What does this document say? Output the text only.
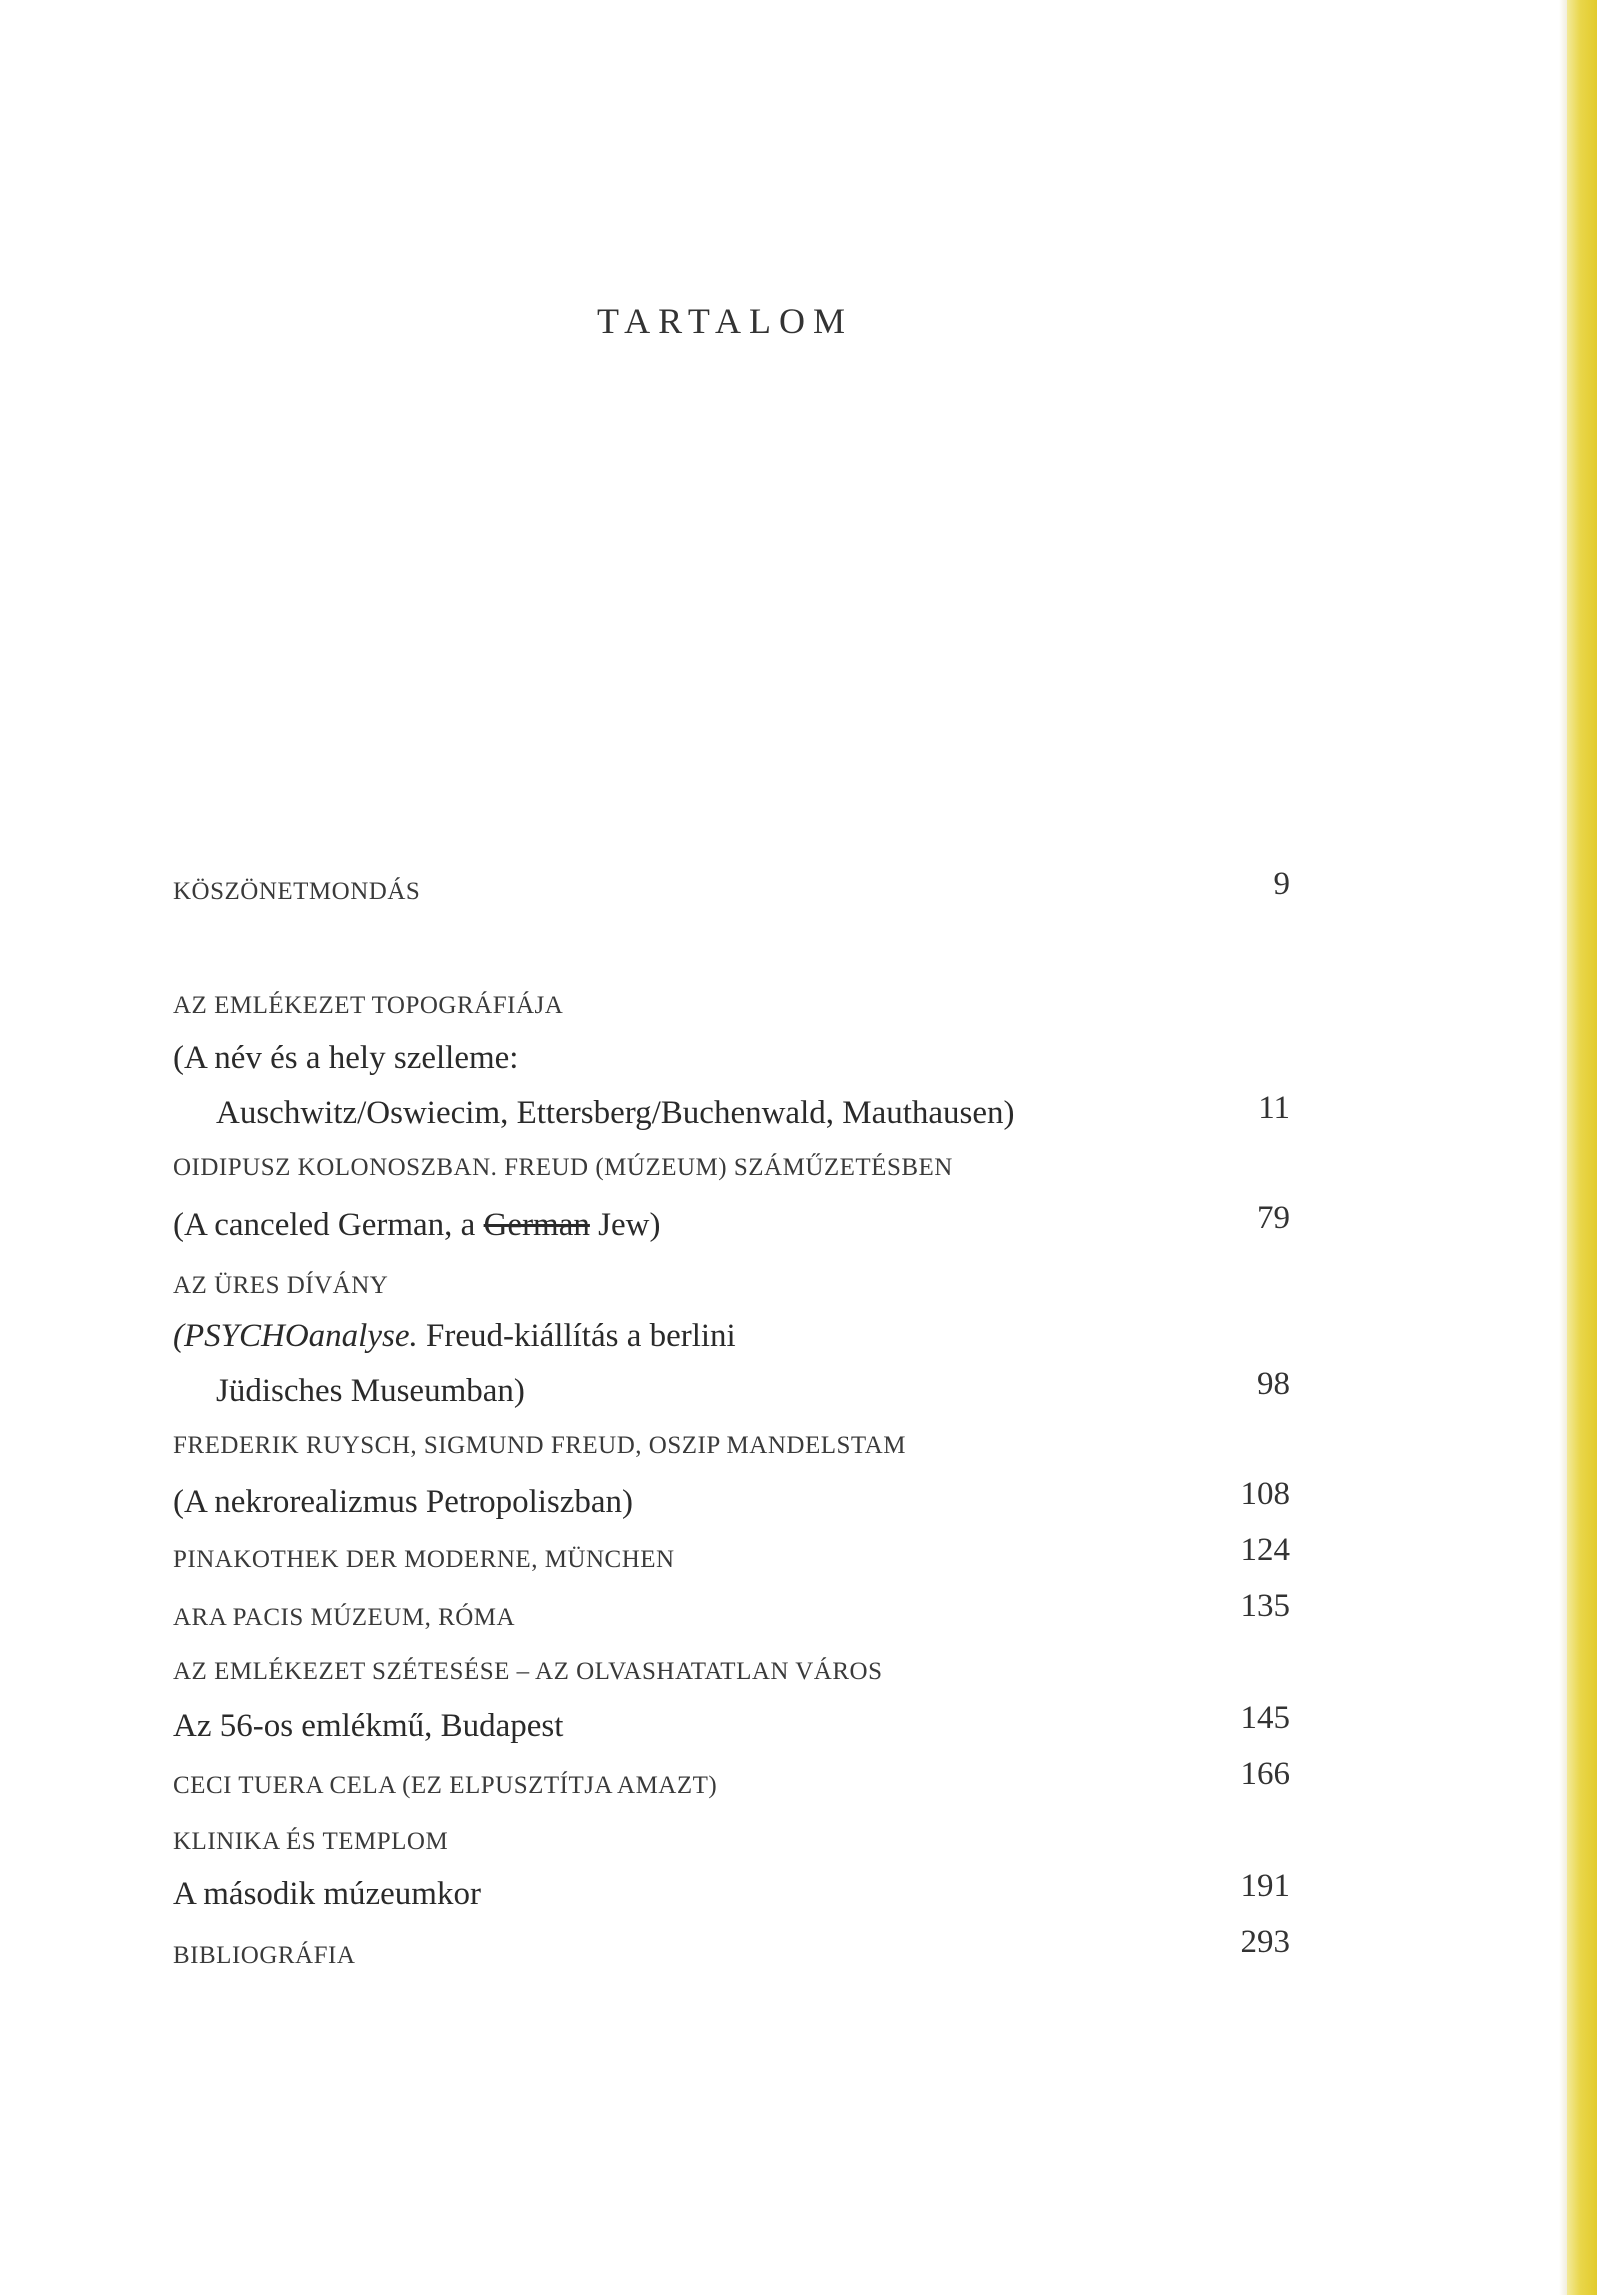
TARTALOM
KÖSZÖNETMONDÁS	9
AZ EMLÉKEZET TOPOGRÁFIÁJA
(A név és a hely szelleme:
Auschwitz/Oswiecim, Ettersberg/Buchenwald, Mauthausen)	11
OIDIPUSZ KOLONOSZBAN. FREUD (MÚZEUM) SZÁMŰZETÉSBEN
(A canceled German, a German Jew)	79
AZ ÜRES DÍVÁNY
(PSYCHOanalyse. Freud-kiállítás a berlini
Jüdisches Museumban)	98
FREDERIK RUYSCH, SIGMUND FREUD, OSZIP MANDELSTAM
(A nekrorealizmus Petropoliszban)	108
PINAKOTHEK DER MODERNE, MÜNCHEN	124
ARA PACIS MÚZEUM, RÓMA	135
AZ EMLÉKEZET SZÉTESÉSE – AZ OLVASHATATLAN VÁROS
Az 56-os emlékmű, Budapest	145
CECI TUERA CELA (EZ ELPUSZTÍTJA AMAZT)	166
KLINIKA ÉS TEMPLOM
A második múzeumkor	191
BIBLIOGRÁFIA	293
